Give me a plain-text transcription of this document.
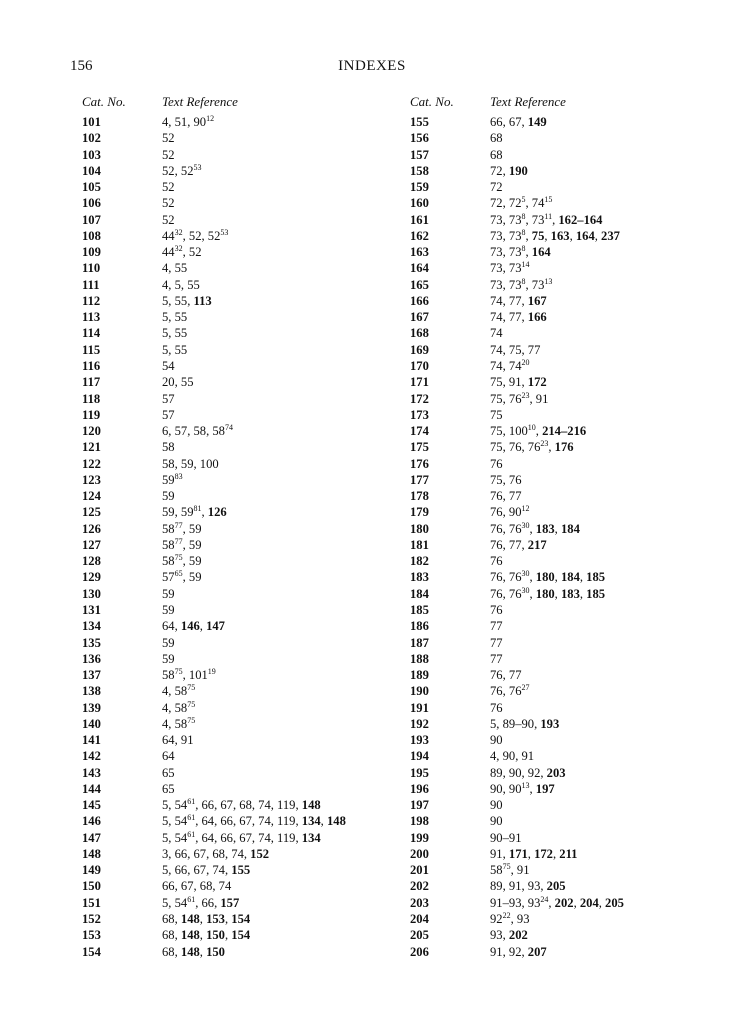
156	INDEXES
Cat. No.	Text Reference
101	4, 51, $90^{12}$
102	52
103	52
104	52, $52^{53}$
105	52
106	52
107	52
108	$44^{32}$, 52, $52^{53}$
109	$44^{32}$, 52
110	4, 55
111	4, 5, 55
112	5, 55, 113
113	5, 55
114	5, 55
115	5, 55
116	54
117	20, 55
118	57
119	57
120	6, 57, 58, $58^{74}$
121	58
122	58, 59, 100
123	$59^{83}$
124	59
125	59, $59^{81}$, 126
126	$58^{77}$, 59
127	$58^{77}$, 59
128	$58^{75}$, 59
129	$57^{65}$, 59
130	59
131	59
134	64, 146, 147
135	59
136	59
137	$58^{75}$, $101^{19}$
138	4, $58^{75}$
139	4, $58^{75}$
140	4, $58^{75}$
141	64, 91
142	64
143	65
144	65
145	5, $54^{61}$, 66, 67, 68, 74, 119, 148
146	5, $54^{61}$, 64, 66, 67, 74, 119, 134, 148
147	5, $54^{61}$, 64, 66, 67, 74, 119, 134
148	3, 66, 67, 68, 74, 152
149	5, 66, 67, 74, 155
150	66, 67, 68, 74
151	5, $54^{61}$, 66, 157
152	68, 148, 153, 154
153	68, 148, 150, 154
154	68, 148, 150
Cat. No.	Text Reference
155	66, 67, 149
156	68
157	68
158	72, 190
159	72
160	72, $72^5$, $74^{15}$
161	73, $73^8$, $73^{11}$, 162–164
162	73, $73^8$, 75, 163, 164, 237
163	73, $73^8$, 164
164	73, $73^{14}$
165	73, $73^8$, $73^{13}$
166	74, 77, 167
167	74, 77, 166
168	74
169	74, 75, 77
170	74, $74^{20}$
171	75, 91, 172
172	75, $76^{23}$, 91
173	75
174	75, $100^{10}$, 214–216
175	75, 76, $76^{23}$, 176
176	76
177	75, 76
178	76, 77
179	76, $90^{12}$
180	76, $76^{30}$, 183, 184
181	76, 77, 217
182	76
183	76, $76^{30}$, 180, 184, 185
184	76, $76^{30}$, 180, 183, 185
185	76
186	77
187	77
188	77
189	76, 77
190	76, $76^{27}$
191	76
192	5, 89–90, 193
193	90
194	4, 90, 91
195	89, 90, 92, 203
196	90, $90^{13}$, 197
197	90
198	90
199	90–91
200	91, 171, 172, 211
201	$58^{75}$, 91
202	89, 91, 93, 205
203	91–93, $93^{24}$, 202, 204, 205
204	$92^{22}$, 93
205	93, 202
206	91, 92, 207
